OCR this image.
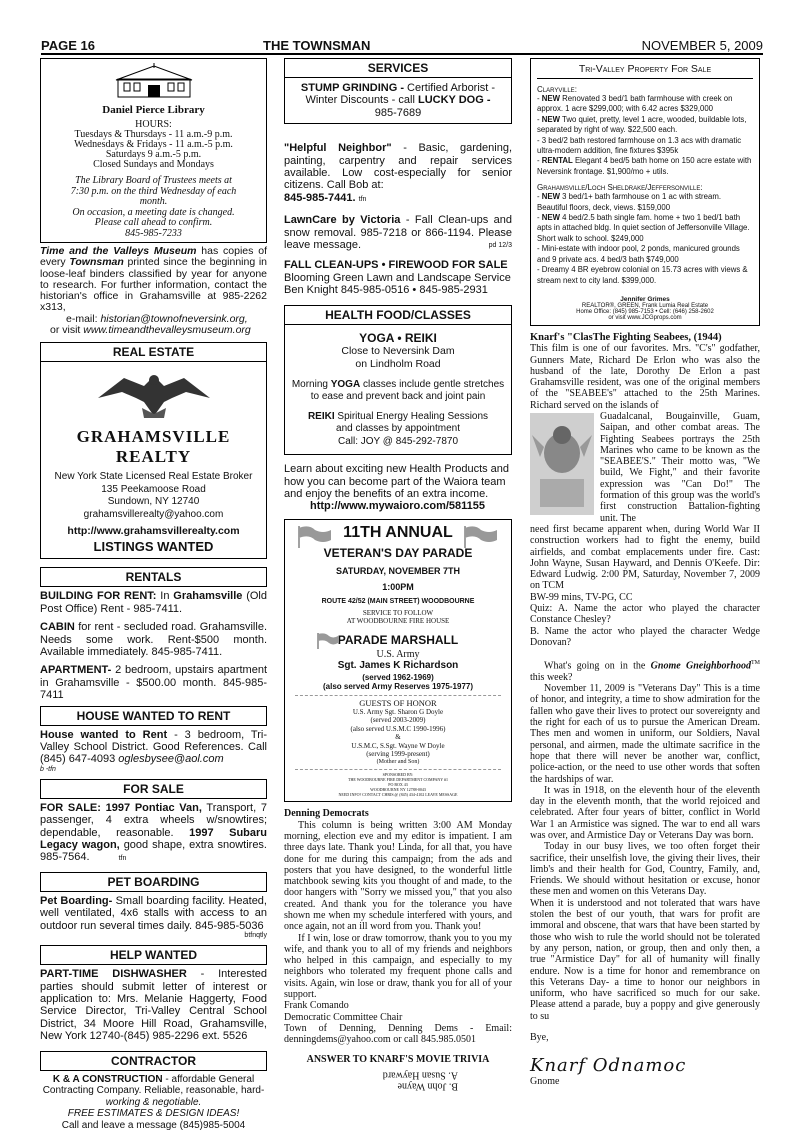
PAGE 16	THE TOWNSMAN	NOVEMBER 5, 2009
Daniel Pierce Library
HOURS:
Tuesdays & Thursdays - 11 a.m.-9 p.m.
Wednesdays & Fridays - 11 a.m.-5 p.m.
Saturdays 9 a.m.-5 p.m.
Closed Sundays and Mondays
The Library Board of Trustees meets at
7:30 p.m. on the third Wednesday of each
month.
On occasion, a meeting date is changed.
Please call ahead to confirm.
845-985-7233
Time and the Valleys Museum has copies of every Townsman printed since the beginning in loose-leaf binders classified by year for anyone to research. For further information, contact the historian's office in Grahamsville at 985-2262 x313,
e-mail: historian@townofneversink.org,
or visit www.timeandthevalleysmuseum.org
REAL ESTATE
GRAHAMSVILLE REALTY
New York State Licensed Real Estate Broker
135 Peekamoose Road
Sundown, NY 12740
grahamsvillerealty@yahoo.com
http://www.grahamsvillerealty.com
LISTINGS WANTED
RENTALS
BUILDING FOR RENT: In Grahamsville (Old Post Office) Rent - 985-7411.
CABIN for rent - secluded road. Grahamsville. Needs some work. Rent-$500 month. Available immediately. 845-985-7411.
APARTMENT- 2 bedroom, upstairs apartment in Grahamsville - $500.00 month. 845-985-7411
HOUSE WANTED TO RENT
House wanted to Rent - 3 bedroom, Tri-Valley School District. Good References. Call (845) 647-4093 oglesbysee@aol.com
b -tfn
FOR SALE
FOR SALE: 1997 Pontiac Van, Transport, 7 passenger, 4 extra wheels w/snowtires; dependable, reasonable. 1997 Subaru Legacy wagon, good shape, extra snowtires. 985-7564.	tfn
PET BOARDING
Pet Boarding- Small boarding facility. Heated, well ventilated, 4x6 stalls with access to an outdoor run several times daily. 845-985-5036
btfnqtly
HELP WANTED
PART-TIME DISHWASHER - Interested parties should submit letter of interest or application to: Mrs. Melanie Haggerty, Food Service Director, Tri-Valley Central School District, 34 Moore Hill Road, Grahamsville, New York 12740-(845) 985-2296 ext. 5526
CONTRACTOR
K & A CONSTRUCTION - affordable General Contracting Company. Reliable, reasonable, hard-
working & negotiable.
FREE ESTIMATES & DESIGN IDEAS!
Call and leave a message (845)985-5004
SERVICES
STUMP GRINDING - Certified Arborist - Winter Discounts - call LUCKY DOG -
985-7689
"Helpful Neighbor" - Basic, gardening, painting, carpentry and repair services available. Low cost-especially for senior citizens. Call Bob at:
845-985-7441. tfn
LawnCare by Victoria - Fall Clean-ups and snow removal. 985-7218 or 866-1194. Please leave message.	pd 12/3
FALL CLEAN-UPS • FIREWOOD FOR SALE
Blooming Green Lawn and Landscape Service
Ben Knight 845-985-0516 • 845-985-2931
HEALTH FOOD/CLASSES
YOGA • REIKI
Close to Neversink Dam
on Lindholm Road
Morning YOGA classes include gentle stretches to ease and prevent back and joint pain
REIKI Spiritual Energy Healing Sessions
and classes by appointment
Call: JOY @ 845-292-7870
Learn about exciting new Health Products and how you can become part of the Waiora team and enjoy the benefits of an extra income.
http://www.mywaioro.com/581155
11TH ANNUAL
VETERAN'S DAY PARADE
SATURDAY, NOVEMBER 7TH
1:00PM
ROUTE 42/52 (MAIN STREET) WOODBOURNE
SERVICE TO FOLLOW
AT WOODBOURNE FIRE HOUSE
PARADE MARSHALL
U.S. Army
Sgt. James K Richardson
(served 1962-1969)
(also served Army Reserves 1975-1977)
GUESTS OF HONOR
U.S. Army Sgt. Sharon G Doyle
(served 2003-2009)
(also served U.S.M.C 1990-1996)
&
U.S.M.C, S.Sgt. Wayne W Doyle
(serving 1999-present)
(Mother and Son)
SPONSORED BY:
THE WOODBOURNE FIRE DEPARTMENT COMPANY #1
PO BOX 43
WOODBOURNE NY 12788-0043
NEED INFO? CONTACT CHRIS @ (845) 434-4102 LEAVE MESSAGE
Denning Democrats

This column is being written 3:00 AM Monday morning, election eve and my editor is impatient. I am three days late. Thank you! Linda, for all that, you have done for me during this campaign; from the ads and posters that you have designed, to the wonderful little matchbook sewing kits you thought of and made, to the door hangers with "Sorry we missed you," that you also created. And thank you for the tolerance you have shown me when my schedule interfered with yours, and once again, not an ill word from you. Thank you!

If I win, lose or draw tomorrow, thank you to you my wife, and thank you to all of my friends and neighbors who helped in this campaign, and especially to my neighbors who tolerated my frequent phone calls and visits. Again, win lose or draw, thank you for all of your support.

Frank Comando
Democratic Committee Chair
Town of Denning, Denning Dems - Email: denningdems@yahoo.com or call 845.985.0501
ANSWER TO KNARF'S MOVIE TRIVIA
B. John Wayne
A. Susan Hayward
Tri-Valley Property For Sale
Claryville:
- NEW Renovated 3 bed/1 bath farmhouse with creek on approx. 1 acre $299,000; with 6.42 acres $329,000
- NEW Two quiet, pretty, level 1 acre, wooded, buildable lots, separated by right of way. $22,500 each.
- 3 bed/2 bath restored farmhouse on 1.3 acs with dramatic ultra-modern addition, fine fixtures $395k
- RENTAL Elegant 4 bed/5 bath home on 150 acre estate with Neversink frontage. $1,900/mo + utils.
Grahamsville/Loch Sheldrake/Jeffersonville:
- NEW 3 bed/1+ bath farmhouse on 1 ac with stream. Beautiful floors, deck, views. $159,000
- NEW 4 bed/2.5 bath single fam. home + two 1 bed/1 bath apts in attached bldg. In quiet section of Jeffersonville Village. Short walk to school. $249,000
- Mini-estate with indoor pool, 2 ponds, manicured grounds and 9 private acs. 4 bed/3 bath $749,000
- Dreamy 4 BR eyebrow colonial on 15.73 acres with views & stream next to city land. $399,000.
Jennifer Grimes
REALTOR®, GREEN, Frank Lumia Real Estate
Home Office: (845) 985-7153 • Cell: (646) 258-2602
or visit www.JCGprops.com
Knarf's "ClasThe Fighting Seabees, (1944)

This film is one of our favorites. Mrs. "C's" godfather, Gunners Mate, Richard De Erlon who was also the husband of the late, Dorothy De Erlon a past Grahamsville resident, was one of the original members of the "SEABEE's" attached to the 25th Marines. Richard served on the islands of

Guadalcanal, Bougainville, Guam, Saipan, and other combat areas. The Fighting Seabees portrays the 25th Marines who came to be known as the "SEABEE'S." Their motto was, "We build, We Fight," and their favorite expression was "Can Do!" The formation of this group was the world's first construction Battalion-fighting unit. The

need first became apparent when, during World War II construction workers had to fight the enemy, build airfields, and combat emplacements under fire. Cast: John Wayne, Susan Hayward, and Dennis O'Keefe. Dir: Edward Ludwig. 2:00 PM, Saturday, November 7, 2009 on TCM

BW-99 mins, TV-PG, CC

Quiz: A. Name the actor who played the character Constance Chesley?

B. Name the actor who played the character Wedge Donovan?

What's going on in the Gnome Gneighborhood™ this week?

November 11, 2009 is "Veterans Day" This is a time of honor, and integrity, a time to show admiration for the fallen who gave their lives to protect our sovereignty and the right for each of us to pursue the American Dream. Thes men and women in uniform, our Soldiers, Naval personal, and airmen, made the ultimate sacrifice in the hope that there will never be another war, conflict, police-action, or the need to use other words that soften the hardships of war.

It was in 1918, on the eleventh hour of the eleventh day in the eleventh month, that the world rejoiced and celebrated. After four years of bitter, conflict in World War 1 an Armistice was signed. The war to end all wars was over, and Armistice Day or Veterans Day was born.

Today in our busy lives, we too often forget their sacrifice, their unselfish love, the giving their lives, their limb's and their health for God, Country, Family, and, Friends. We should without hesitation or excuse, honor these men and women on this Veterans Day.

When it is understood and not tolerated that wars have stolen the best of our youth, that wars for profit are immoral and obscene, that wars that have been started by those who wish to rule the world should not be tolerated by any person, nation, or group, then and only then, a true "Armistice Day" for all of humanity will finally endure. Now is a time for honor and remembrance on this Veterans Day- a time to honor our neighbors in uniform, who have sacrificed so much for our sake. Please attend a parade, buy a poppy and give generously to su

Bye,

Knarf Odnamoc
Gnome
